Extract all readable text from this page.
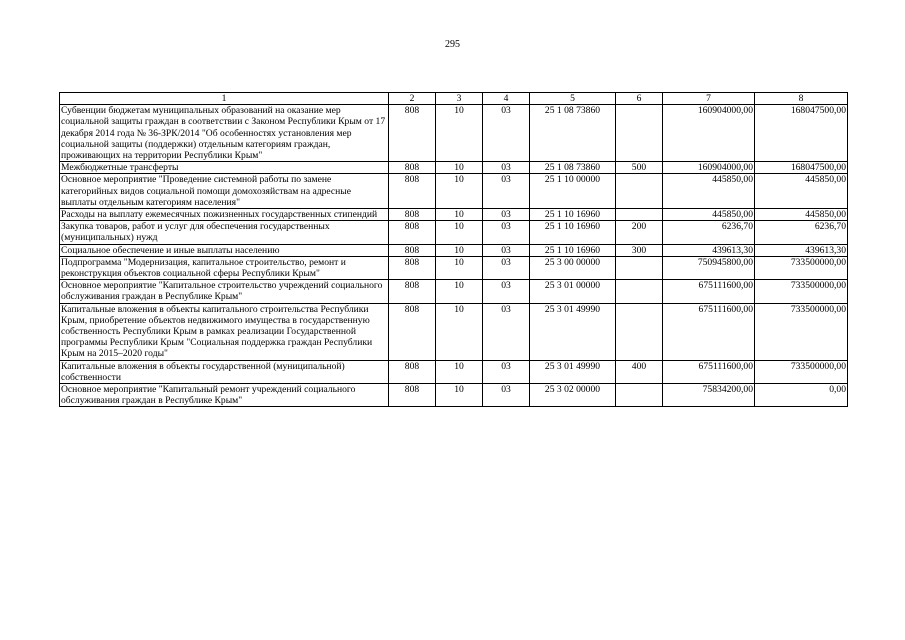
295
1	2	3	4	5	6	7	8
Субвенции бюджетам муниципальных образований на оказание мер социальной защиты граждан в соответствии с Законом Республики Крым от 17 декабря 2014 года № 36-ЗРК/2014 "Об особенностях установления мер социальной защиты (поддержки) отдельным категориям граждан, проживающих на территории Республики Крым"	808	10	03	25 1 08 73860		160904000,00	168047500,00
Межбюджетные трансферты	808	10	03	25 1 08 73860	500	160904000,00	168047500,00
Основное мероприятие "Проведение системной работы по замене категорийных видов социальной помощи домохозяйствам на адресные выплаты отдельным категориям населения"	808	10	03	25 1 10 00000		445850,00	445850,00
Расходы на выплату ежемесячных пожизненных государственных стипендий	808	10	03	25 1 10 16960		445850,00	445850,00
Закупка товаров, работ и услуг для обеспечения государственных (муниципальных) нужд	808	10	03	25 1 10 16960	200	6236,70	6236,70
Социальное обеспечение и иные выплаты населению	808	10	03	25 1 10 16960	300	439613,30	439613,30
Подпрограмма "Модернизация, капитальное строительство, ремонт и реконструкция объектов социальной сферы Республики Крым"	808	10	03	25 3 00 00000		750945800,00	733500000,00
Основное мероприятие "Капитальное строительство учреждений социального обслуживания граждан в Республике Крым"	808	10	03	25 3 01 00000		675111600,00	733500000,00
Капитальные вложения в объекты капитального строительства Республики Крым, приобретение объектов недвижимого имущества в государственную собственность Республики Крым в рамках реализации Государственной программы Республики Крым "Социальная поддержка граждан Республики Крым на 2015–2020 годы"	808	10	03	25 3 01 49990		675111600,00	733500000,00
Капитальные вложения в объекты государственной (муниципальной) собственности	808	10	03	25 3 01 49990	400	675111600,00	733500000,00
Основное мероприятие "Капитальный ремонт учреждений социального обслуживания граждан в Республике Крым"	808	10	03	25 3 02 00000		75834200,00	0,00
